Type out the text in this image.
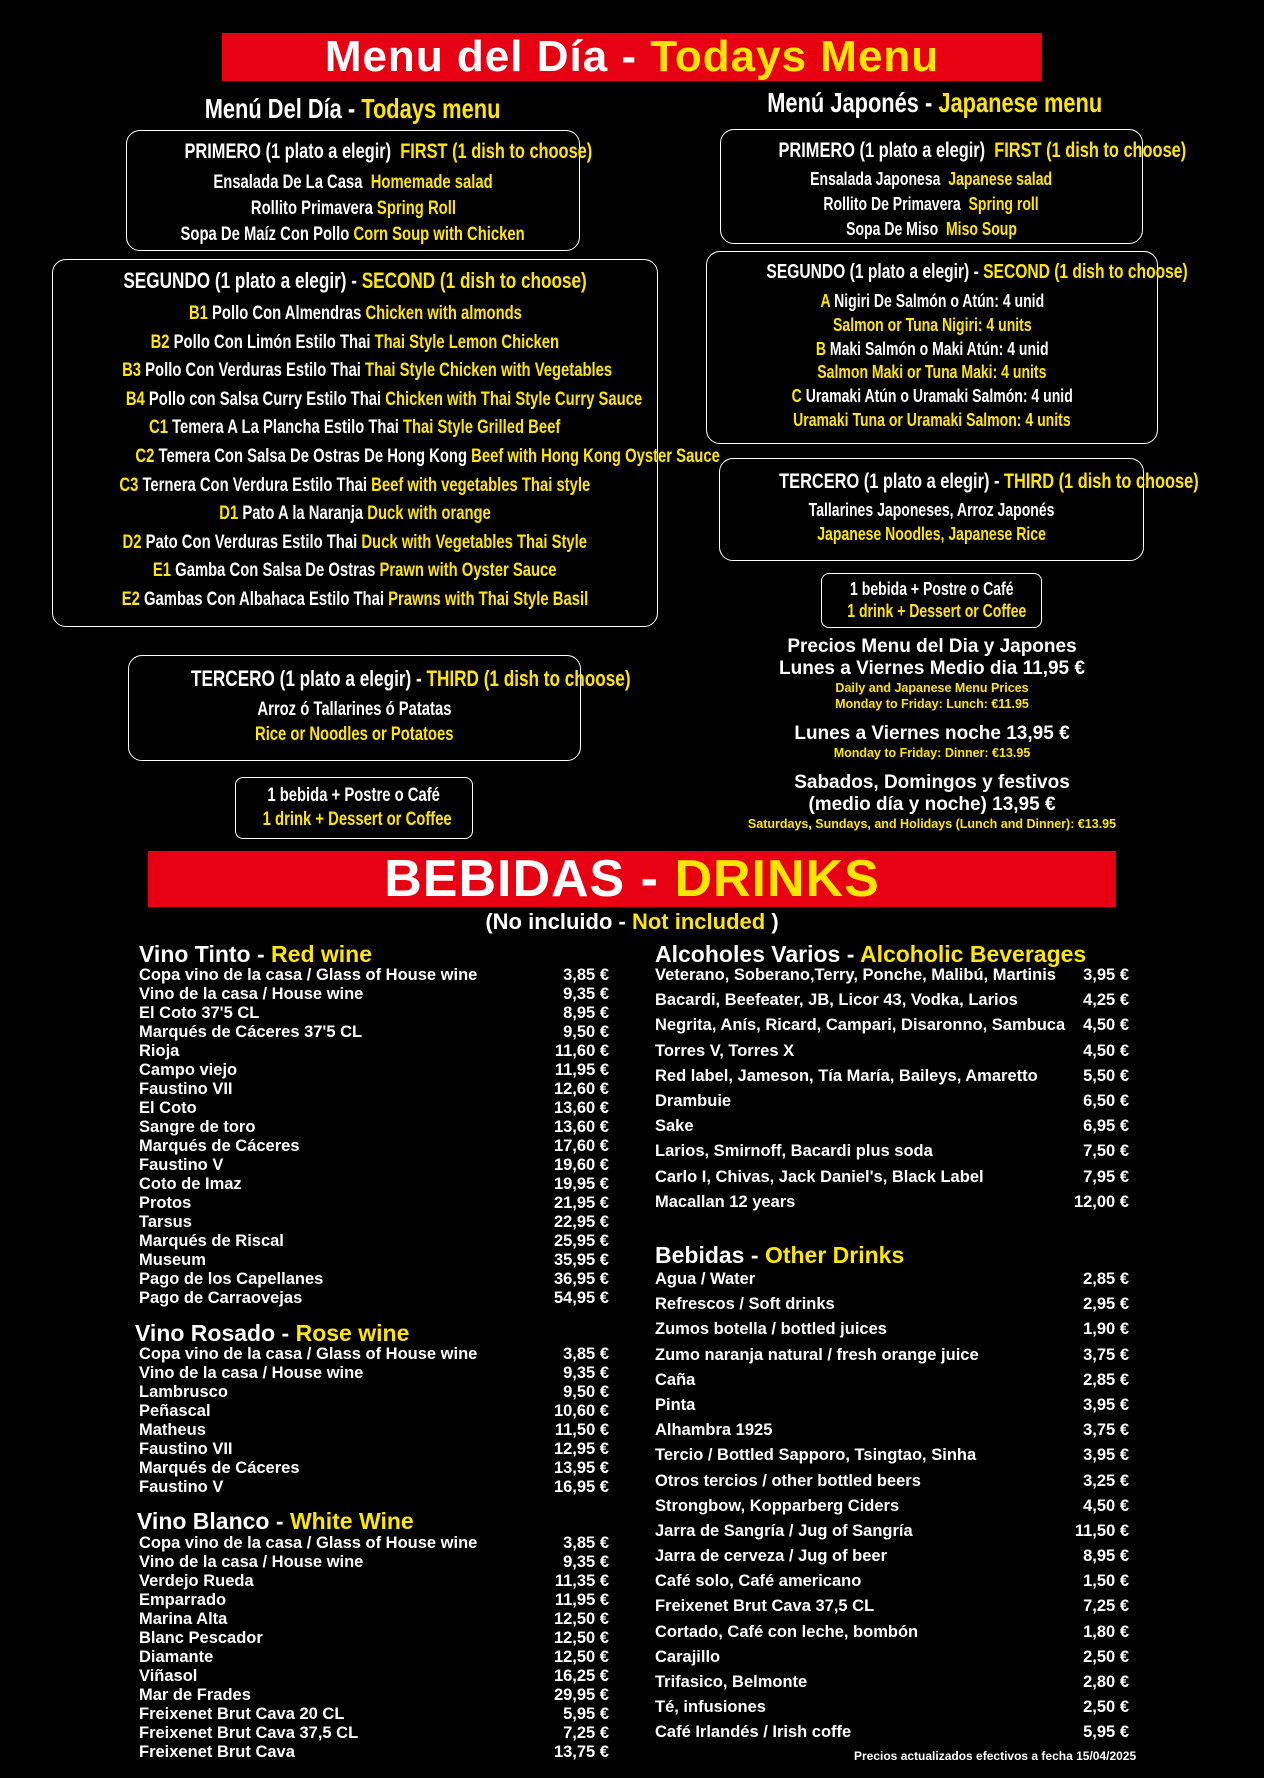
Menu del Día - Todays Menu
Menú Del Día - Todays menu	Menú Japonés - Japanese menu
PRIMERO (1 plato a elegir) FIRST (1 dish to choose)
Ensalada De La Casa Homemade salad
Rollito Primavera Spring Roll
Sopa De Maíz Con Pollo Corn Soup with Chicken
SEGUNDO (1 plato a elegir) - SECOND (1 dish to choose)
B1 Pollo Con Almendras Chicken with almonds
B2 Pollo Con Limón Estilo Thai Thai Style Lemon Chicken
B3 Pollo Con Verduras Estilo Thai Thai Style Chicken with Vegetables
B4 Pollo con Salsa Curry Estilo Thai Chicken with Thai Style Curry Sauce
C1 Temera A La Plancha Estilo Thai Thai Style Grilled Beef
C2 Temera Con Salsa De Ostras De Hong Kong Beef with Hong Kong Oyster Sauce
C3 Ternera Con Verdura Estilo Thai Beef with vegetables Thai style
D1 Pato A la Naranja Duck with orange
D2 Pato Con Verduras Estilo Thai Duck with Vegetables Thai Style
E1 Gamba Con Salsa De Ostras Prawn with Oyster Sauce
E2 Gambas Con Albahaca Estilo Thai Prawns with Thai Style Basil
TERCERO (1 plato a elegir) - THIRD (1 dish to choose)
Arroz ó Tallarines ó Patatas
Rice or Noodles or Potatoes
1 bebida + Postre o Café
1 drink + Dessert or Coffee
PRIMERO (1 plato a elegir) FIRST (1 dish to choose)
Ensalada Japonesa Japanese salad
Rollito De Primavera Spring roll
Sopa De Miso Miso Soup
SEGUNDO (1 plato a elegir) - SECOND (1 dish to choose)
A Nigiri De Salmón o Atún: 4 unid
Salmon or Tuna Nigiri: 4 units
B Maki Salmón o Maki Atún: 4 unid
Salmon Maki or Tuna Maki: 4 units
C Uramaki Atún o Uramaki Salmón: 4 unid
Uramaki Tuna or Uramaki Salmon: 4 units
TERCERO (1 plato a elegir) - THIRD (1 dish to choose)
Tallarines Japoneses, Arroz Japonés
Japanese Noodles, Japanese Rice
1 bebida + Postre o Café
1 drink + Dessert or Coffee
Precios Menu del Dia y Japones
Lunes a Viernes Medio dia 11,95 €
Daily and Japanese Menu Prices
Monday to Friday: Lunch: €11.95
Lunes a Viernes noche 13,95 €
Monday to Friday: Dinner: €13.95
Sabados, Domingos y festivos
(medio día y noche) 13,95 €
Saturdays, Sundays, and Holidays (Lunch and Dinner): €13.95
BEBIDAS - DRINKS
(No incluido - Not included )
Vino Tinto - Red wine
Copa vino de la casa / Glass of House wine	3,85 €
Vino de la casa / House wine	9,35 €
El Coto 37'5 CL	8,95 €
Marqués de Cáceres 37'5 CL	9,50 €
Rioja	11,60 €
Campo viejo	11,95 €
Faustino VII	12,60 €
El Coto	13,60 €
Sangre de toro	13,60 €
Marqués de Cáceres	17,60 €
Faustino V	19,60 €
Coto de Imaz	19,95 €
Protos	21,95 €
Tarsus	22,95 €
Marqués de Riscal	25,95 €
Museum	35,95 €
Pago de los Capellanes	36,95 €
Pago de Carraovejas	54,95 €
Vino Rosado - Rose wine
Copa vino de la casa / Glass of House wine	3,85 €
Vino de la casa / House wine	9,35 €
Lambrusco	9,50 €
Peñascal	10,60 €
Matheus	11,50 €
Faustino VII	12,95 €
Marqués de Cáceres	13,95 €
Faustino V	16,95 €
Vino Blanco - White Wine
Copa vino de la casa / Glass of House wine	3,85 €
Vino de la casa / House wine	9,35 €
Verdejo Rueda	11,35 €
Emparrado	11,95 €
Marina Alta	12,50 €
Blanc Pescador	12,50 €
Diamante	12,50 €
Viñasol	16,25 €
Mar de Frades	29,95 €
Freixenet Brut Cava 20 CL	5,95 €
Freixenet Brut Cava 37,5 CL	7,25 €
Freixenet Brut Cava	13,75 €
Alcoholes Varios - Alcoholic Beverages
Veterano, Soberano,Terry, Ponche, Malibú, Martinis 3,95 €
Bacardi, Beefeater, JB, Licor 43, Vodka, Larios	4,25 €
Negrita, Anís, Ricard, Campari, Disaronno, Sambuca 4,50 €
Torres V, Torres X	4,50 €
Red label, Jameson, Tía María, Baileys, Amaretto	5,50 €
Drambuie	6,50 €
Sake	6,95 €
Larios, Smirnoff, Bacardi plus soda	7,50 €
Carlo I, Chivas, Jack Daniel's, Black Label	7,95 €
Macallan 12 years	12,00 €
Bebidas - Other Drinks
Agua / Water	2,85 €
Refrescos / Soft drinks	2,95 €
Zumos botella / bottled juices	1,90 €
Zumo naranja natural / fresh orange juice	3,75 €
Caña	2,85 €
Pinta	3,95 €
Alhambra 1925	3,75 €
Tercio / Bottled Sapporo, Tsingtao, Sinha	3,95 €
Otros tercios / other bottled beers	3,25 €
Strongbow, Kopparberg Ciders	4,50 €
Jarra de Sangría / Jug of Sangría	11,50 €
Jarra de cerveza / Jug of beer	8,95 €
Café solo, Café americano	1,50 €
Freixenet Brut Cava 37,5 CL	7,25 €
Cortado, Café con leche, bombón	1,80 €
Carajillo	2,50 €
Trifasico, Belmonte	2,80 €
Té, infusiones	2,50 €
Café Irlandés / Irish coffe	5,95 €
Precios actualizados efectivos a fecha 15/04/2025
